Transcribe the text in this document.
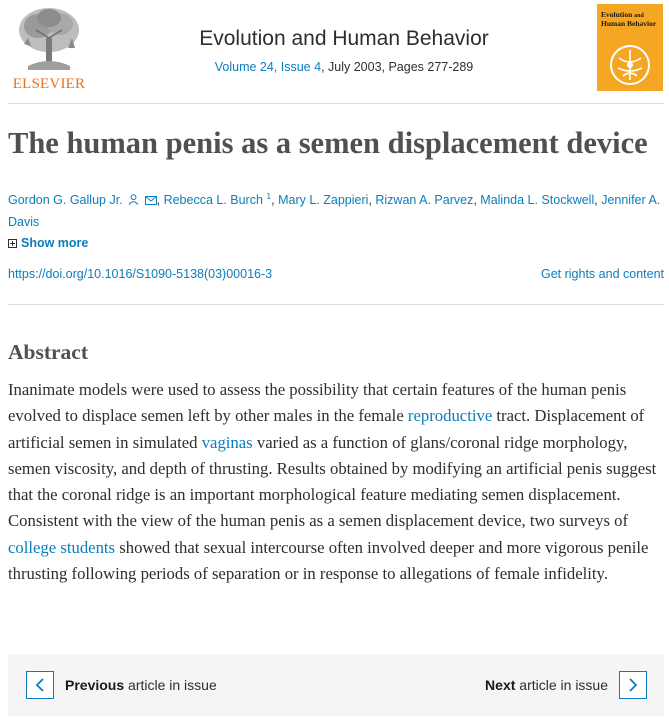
ELSEVIER
Evolution and Human Behavior
Volume 24, Issue 4, July 2003, Pages 277-289
Evolution and
Human Behavior
The human penis as a semen displacement device
Gordon G. Gallup Jr.	, Rebecca L. Burch $^1$, Mary L. Zappieri, Rizwan A. Parvez, Malinda L. Stockwell, Jennifer A. Davis
Show more
https://doi.org/10.1016/S1090-5138(03)00016-3	Get rights and content
Abstract
Inanimate models were used to assess the possibility that certain features of the human penis evolved to displace semen left by other males in the female reproductive tract. Displacement of artificial semen in simulated vaginas varied as a function of glans/coronal ridge morphology, semen viscosity, and depth of thrusting. Results obtained by modifying an artificial penis suggest that the coronal ridge is an important morphological feature mediating semen displacement. Consistent with the view of the human penis as a semen displacement device, two surveys of college students showed that sexual intercourse often involved deeper and more vigorous penile thrusting following periods of separation or in response to allegations of female infidelity.
Previous article in issue	Next article in issue
